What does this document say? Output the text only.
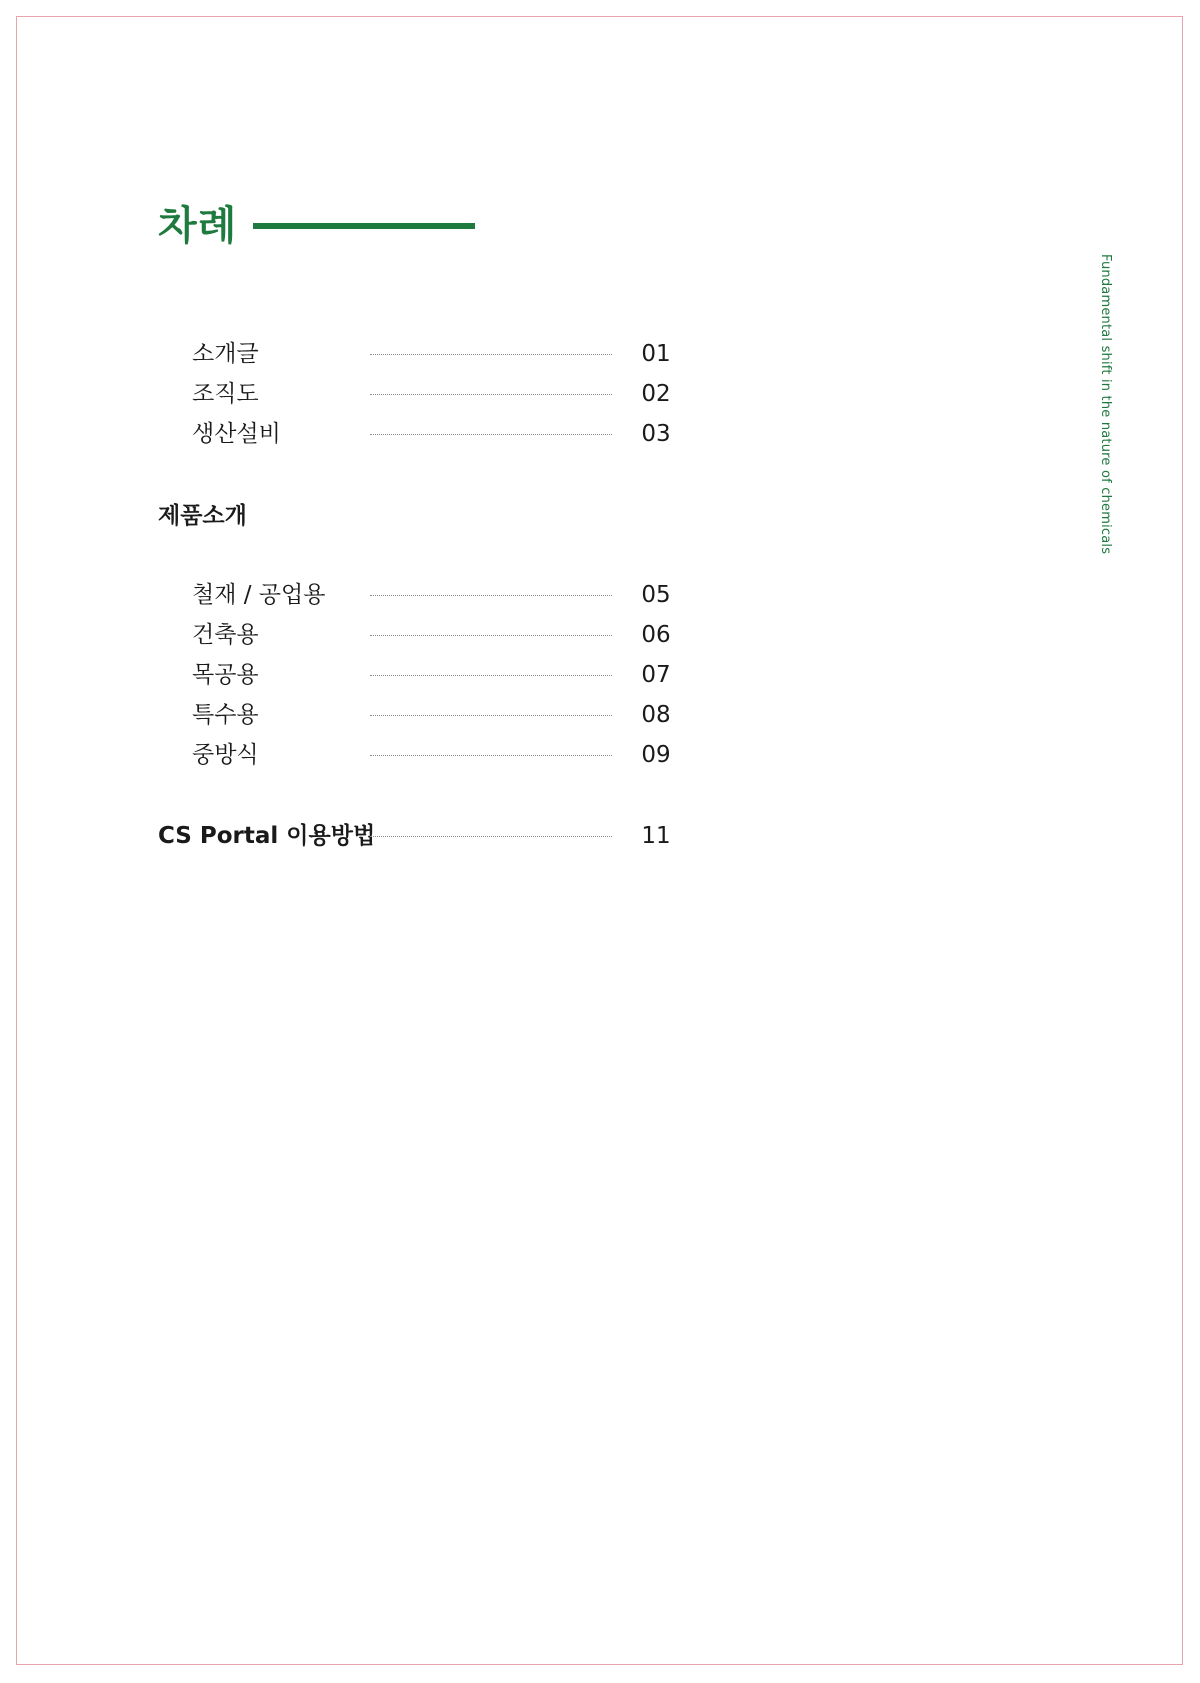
차례
Fundamental shift in the nature of chemicals
소개글	01
조직도	02
생산설비	03
제품소개
철재 / 공업용	05
건축용	06
목공용	07
특수용	08
중방식	09
CS Portal 이용방법	11
